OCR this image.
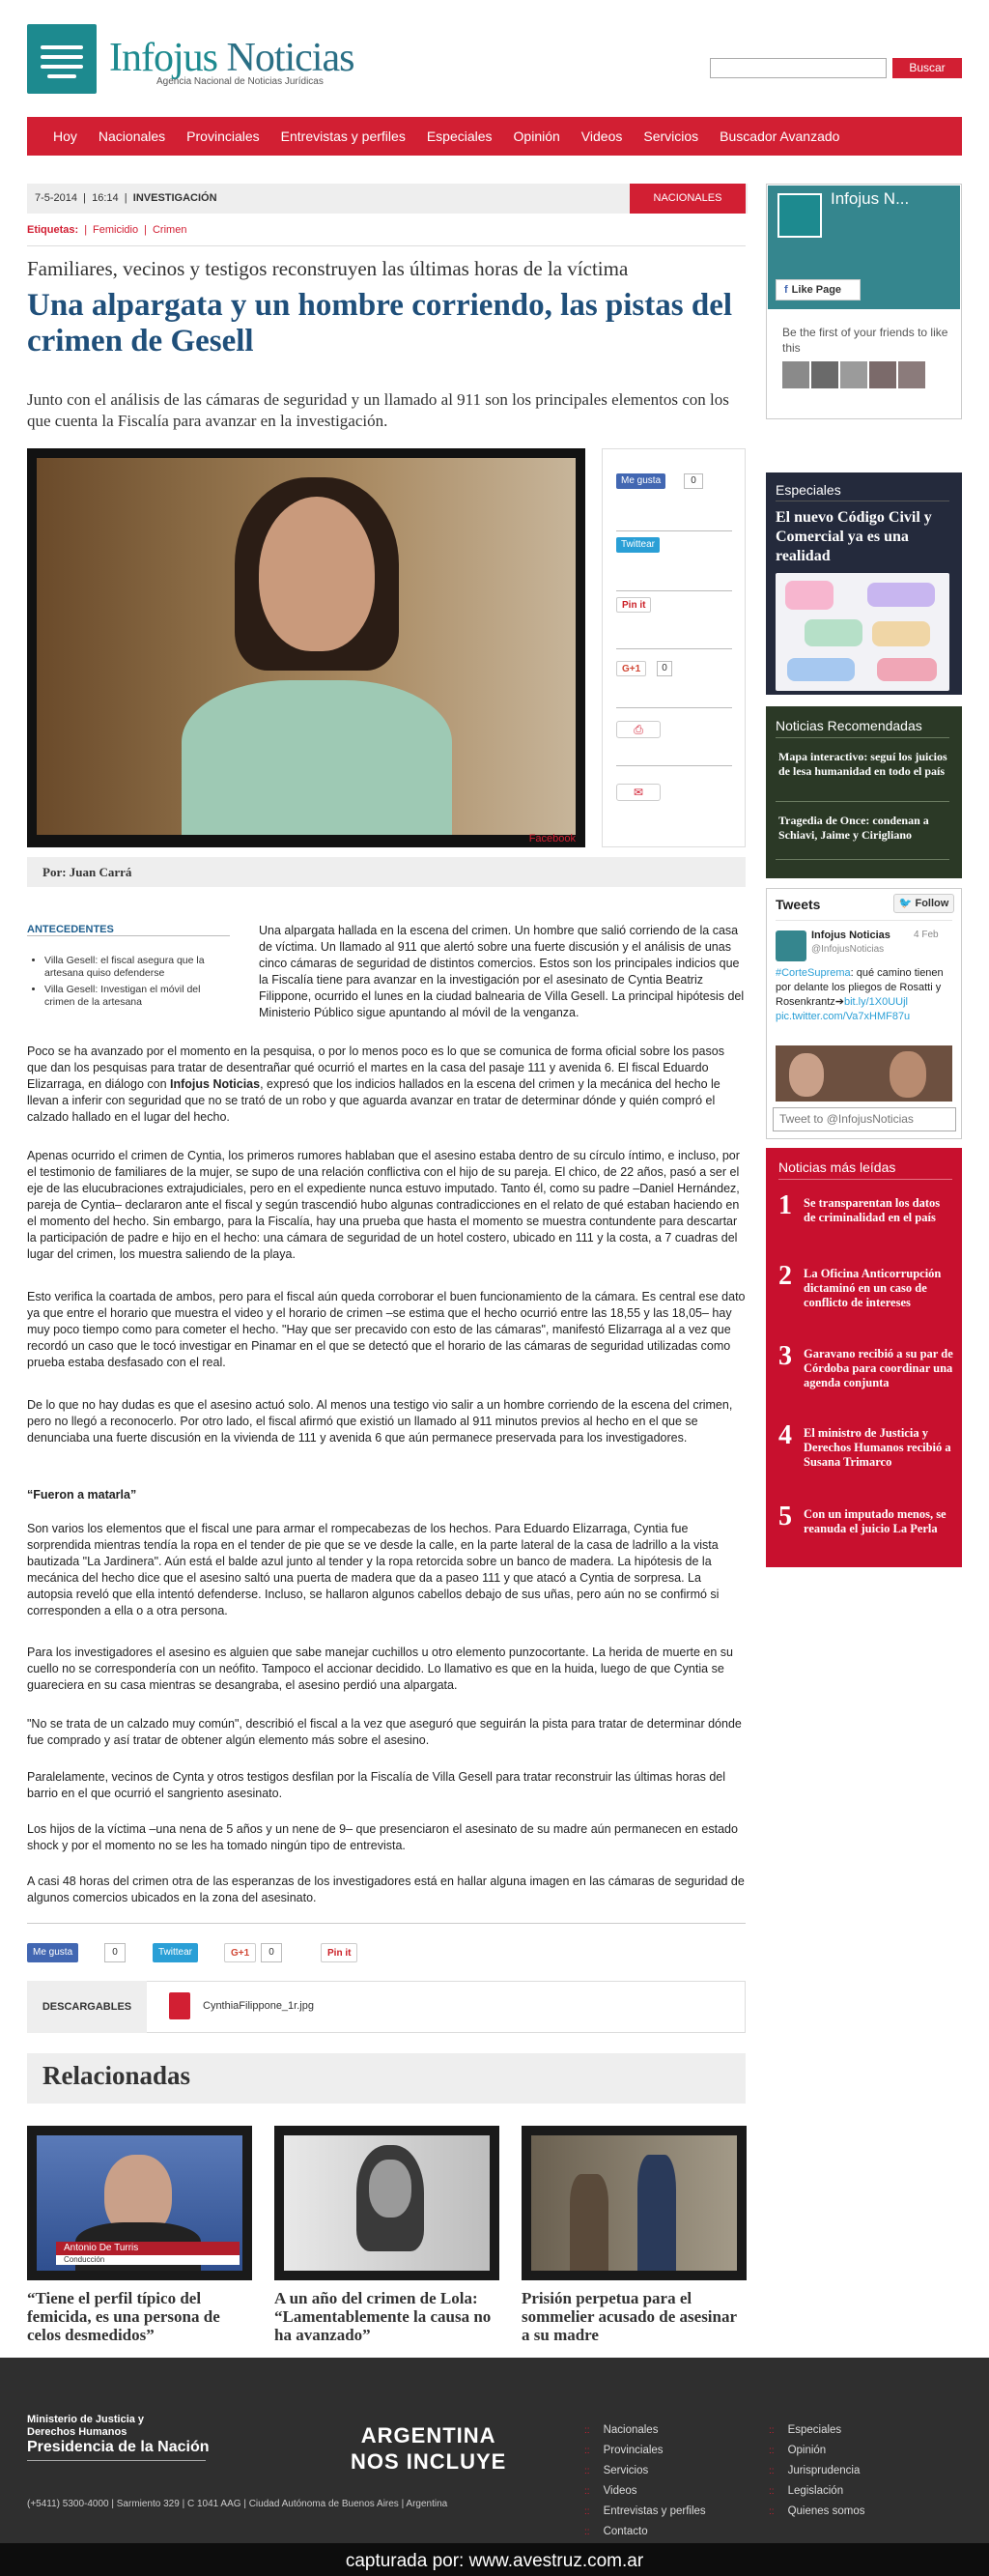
Infojus Noticias
Agencia Nacional de Noticias Jurídicas
Buscar
Hoy	Nacionales	Provinciales	Entrevistas y perfiles	Especiales	Opinión	Videos	Servicios	Buscador Avanzado
7-5-2014  |  16:14  |  INVESTIGACIÓN	NACIONALES
Etiquetas: | Femicidio | Crimen
Familiares, vecinos y testigos reconstruyen las últimas horas de la víctima
Una alpargata y un hombre corriendo, las pistas del crimen de Gesell
Junto con el análisis de las cámaras de seguridad y un llamado al 911 son los principales elementos con los que cuenta la Fiscalía para avanzar en la investigación.
Facebook
Me gusta	0
Twittear
Pin it
G+1	0
⎙
✉
Por: Juan Carrá
ANTECEDENTES
• Villa Gesell: el fiscal asegura que la artesana quiso defenderse
• Villa Gesell: Investigan el móvil del crimen de la artesana
Una alpargata hallada en la escena del crimen. Un hombre que salió corriendo de la casa de víctima. Un llamado al 911 que alertó sobre una fuerte discusión y el análisis de unas cinco cámaras de seguridad de distintos comercios. Estos son los principales indicios que la Fiscalía tiene para avanzar en la investigación por el asesinato de Cyntia Beatriz Filippone, ocurrido el lunes en la ciudad balnearia de Villa Gesell. La principal hipótesis del Ministerio Público sigue apuntando al móvil de la venganza.
Poco se ha avanzado por el momento en la pesquisa, o por lo menos poco es lo que se comunica de forma oficial sobre los pasos que dan los pesquisas para tratar de desentrañar qué ocurrió el martes en la casa del pasaje 111 y avenida 6. El fiscal Eduardo Elizarraga, en diálogo con Infojus Noticias, expresó que los indicios hallados en la escena del crimen y la mecánica del hecho le llevan a inferir con seguridad que no se trató de un robo y que aguarda avanzar en tratar de determinar dónde y quién compró el calzado hallado en el lugar del hecho.
Apenas ocurrido el crimen de Cyntia, los primeros rumores hablaban que el asesino estaba dentro de su círculo íntimo, e incluso, por el testimonio de familiares de la mujer, se supo de una relación conflictiva con el hijo de su pareja. El chico, de 22 años, pasó a ser el eje de las elucubraciones extrajudiciales, pero en el expediente nunca estuvo imputado. Tanto él, como su padre –Daniel Hernández, pareja de Cyntia– declararon ante el fiscal y según trascendió hubo algunas contradicciones en el relato de qué estaban haciendo en el momento del hecho. Sin embargo, para la Fiscalía, hay una prueba que hasta el momento se muestra contundente para descartar la participación de padre e hijo en el hecho: una cámara de seguridad de un hotel costero, ubicado en 111 y la costa, a 7 cuadras del lugar del crimen, los muestra saliendo de la playa.
Esto verifica la coartada de ambos, pero para el fiscal aún queda corroborar el buen funcionamiento de la cámara. Es central ese dato ya que entre el horario que muestra el video y el horario de crimen –se estima que el hecho ocurrió entre las 18,55 y las 18,05– hay muy poco tiempo como para cometer el hecho. "Hay que ser precavido con esto de las cámaras", manifestó Elizarraga al a vez que recordó un caso que le tocó investigar en Pinamar en el que se detectó que el horario de las cámaras de seguridad utilizadas como prueba estaba desfasado con el real.
De lo que no hay dudas es que el asesino actuó solo. Al menos una testigo vio salir a un hombre corriendo de la escena del crimen, pero no llegó a reconocerlo. Por otro lado, el fiscal afirmó que existió un llamado al 911 minutos previos al hecho en el que se denunciaba una fuerte discusión en la vivienda de 111 y avenida 6 que aún permanece preservada para los investigadores.
“Fueron a matarla”
Son varios los elementos que el fiscal une para armar el rompecabezas de los hechos. Para Eduardo Elizarraga, Cyntia fue sorprendida mientras tendía la ropa en el tender de pie que se ve desde la calle, en la parte lateral de la casa de ladrillo a la vista bautizada "La Jardinera". Aún está el balde azul junto al tender y la ropa retorcida sobre un banco de madera. La hipótesis de la mecánica del hecho dice que el asesino saltó una puerta de madera que da a paseo 111 y que atacó a Cyntia de sorpresa. La autopsia reveló que ella intentó defenderse. Incluso, se hallaron algunos cabellos debajo de sus uñas, pero aún no se confirmó si corresponden a ella o a otra persona.
Para los investigadores el asesino es alguien que sabe manejar cuchillos u otro elemento punzocortante. La herida de muerte en su cuello no se correspondería con un neófito. Tampoco el accionar decidido. Lo llamativo es que en la huida, luego de que Cyntia se guareciera en su casa mientras se desangraba, el asesino perdió una alpargata.
"No se trata de un calzado muy común", describió el fiscal a la vez que aseguró que seguirán la pista para tratar de determinar dónde fue comprado y así tratar de obtener algún elemento más sobre el asesino.
Paralelamente, vecinos de Cynta y otros testigos desfilan por la Fiscalía de Villa Gesell para tratar reconstruir las últimas horas del barrio en el que ocurrió el sangriento asesinato.
Los hijos de la víctima –una nena de 5 años y un nene de 9– que presenciaron el asesinato de su madre aún permanecen en estado shock y por el momento no se les ha tomado ningún tipo de entrevista.
A casi 48 horas del crimen otra de las esperanzas de los investigadores está en hallar alguna imagen en las cámaras de seguridad de algunos comercios ubicados en la zona del asesinato.
Me gusta	0	Twittear	G+1	0	Pin it
DESCARGABLES	CynthiaFilippone_1r.jpg
Relacionadas
Antonio De Turris
Conducción
“Tiene el perfil típico del femicida, es una persona de celos desmedidos”
A un año del crimen de Lola: “Lamentablemente la causa no ha avanzado”
Prisión perpetua para el sommelier acusado de asesinar a su madre
Infojus N...
f Like Page
Be the first of your friends to like this
Especiales
El nuevo Código Civil y Comercial ya es una realidad
Noticias Recomendadas
Mapa interactivo: seguí los juicios de lesa humanidad en todo el país
Tragedia de Once: condenan a Schiavi, Jaime y Cirigliano
Tweets	🐦 Follow
Infojus Noticias 4 Feb
@InfojusNoticias
#CorteSuprema: qué camino tienen por delante los pliegos de Rosatti y Rosenkrantz➔bit.ly/1X0UUjl
pic.twitter.com/Va7xHMF87u
Tweet to @InfojusNoticias
Noticias más leídas
1 Se transparentan los datos de criminalidad en el país
2 La Oficina Anticorrupción dictaminó en un caso de conflicto de intereses
3 Garavano recibió a su par de Córdoba para coordinar una agenda conjunta
4 El ministro de Justicia y Derechos Humanos recibió a Susana Trimarco
5 Con un imputado menos, se reanuda el juicio La Perla
Ministerio de Justicia y Derechos Humanos
Presidencia de la Nación
(+5411) 5300-4000 | Sarmiento 329 | C 1041 AAG | Ciudad Autónoma de Buenos Aires | Argentina
ARGENTINA
NOS INCLUYE
:: Nacionales
:: Provinciales
:: Servicios
:: Videos
:: Entrevistas y perfiles
:: Contacto
:: Especiales
:: Opinión
:: Jurisprudencia
:: Legislación
:: Quienes somos
capturada por: www.avestruz.com.ar
